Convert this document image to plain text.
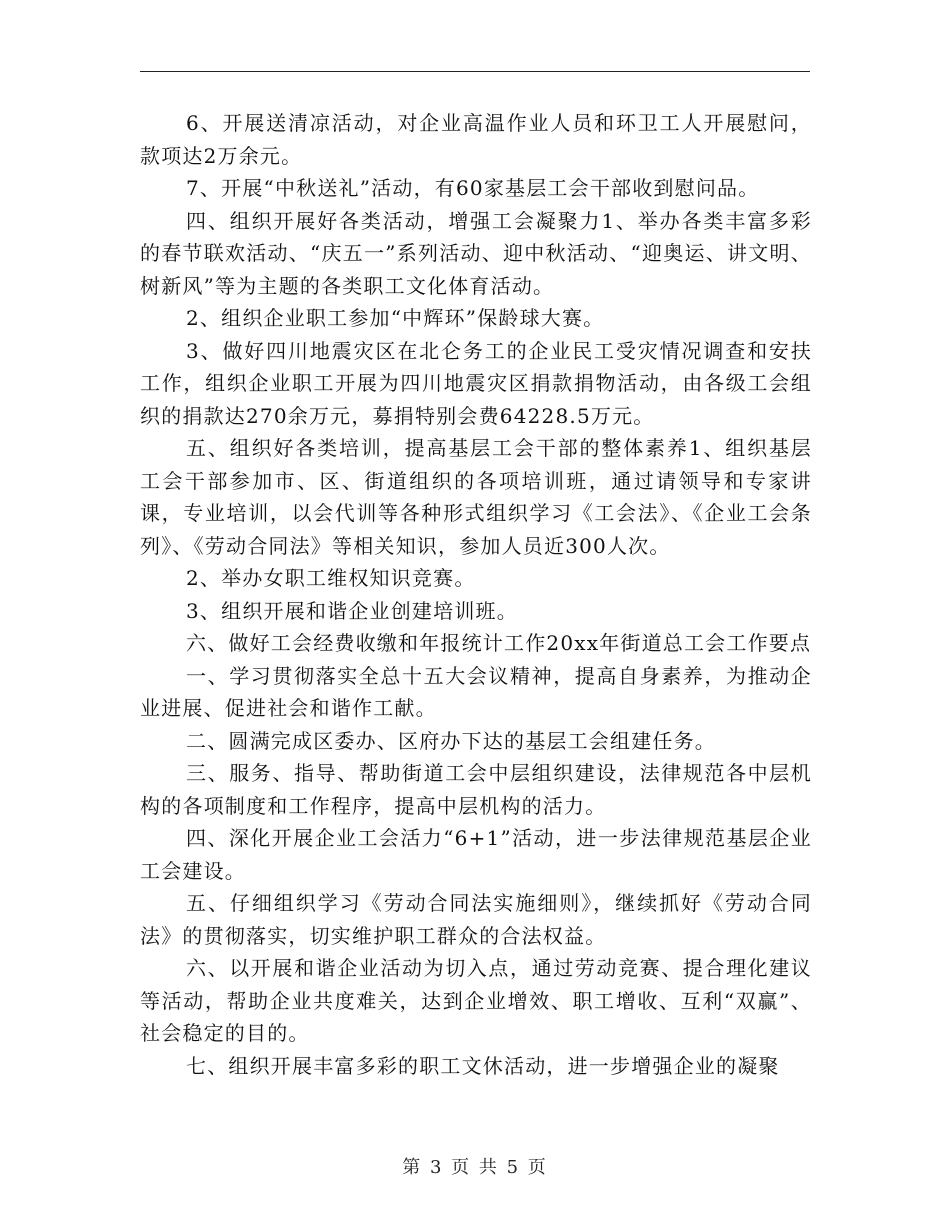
6、开展送清凉活动，对企业高温作业人员和环卫工人开展慰问，款项达2万余元。

7、开展“中秋送礼”活动，有60家基层工会干部收到慰问品。

四、组织开展好各类活动，增强工会凝聚力1、举办各类丰富多彩的春节联欢活动、“庆五一”系列活动、迎中秋活动、“迎奥运、讲文明、树新风”等为主题的各类职工文化体育活动。

2、组织企业职工参加“中辉环”保龄球大赛。

3、做好四川地震灾区在北仑务工的企业民工受灾情况调查和安扶工作，组织企业职工开展为四川地震灾区捐款捐物活动，由各级工会组织的捐款达270余万元，募捐特别会费64228.5万元。

五、组织好各类培训，提高基层工会干部的整体素养1、组织基层工会干部参加市、区、街道组织的各项培训班，通过请领导和专家讲课，专业培训，以会代训等各种形式组织学习《工会法》、《企业工会条列》、《劳动合同法》等相关知识，参加人员近300人次。

2、举办女职工维权知识竞赛。

3、组织开展和谐企业创建培训班。

六、做好工会经费收缴和年报统计工作20xx年街道总工会工作要点

一、学习贯彻落实全总十五大会议精神，提高自身素养，为推动企业进展、促进社会和谐作工献。

二、圆满完成区委办、区府办下达的基层工会组建任务。

三、服务、指导、帮助街道工会中层组织建设，法律规范各中层机构的各项制度和工作程序，提高中层机构的活力。

四、深化开展企业工会活力“6+1”活动，进一步法律规范基层企业工会建设。

五、仔细组织学习《劳动合同法实施细则》，继续抓好《劳动合同法》的贯彻落实，切实维护职工群众的合法权益。

六、以开展和谐企业活动为切入点，通过劳动竞赛、提合理化建议等活动，帮助企业共度难关，达到企业增效、职工增收、互利“双赢”、社会稳定的目的。

七、组织开展丰富多彩的职工文休活动，进一步增强企业的凝聚

第 3 页 共 5 页
